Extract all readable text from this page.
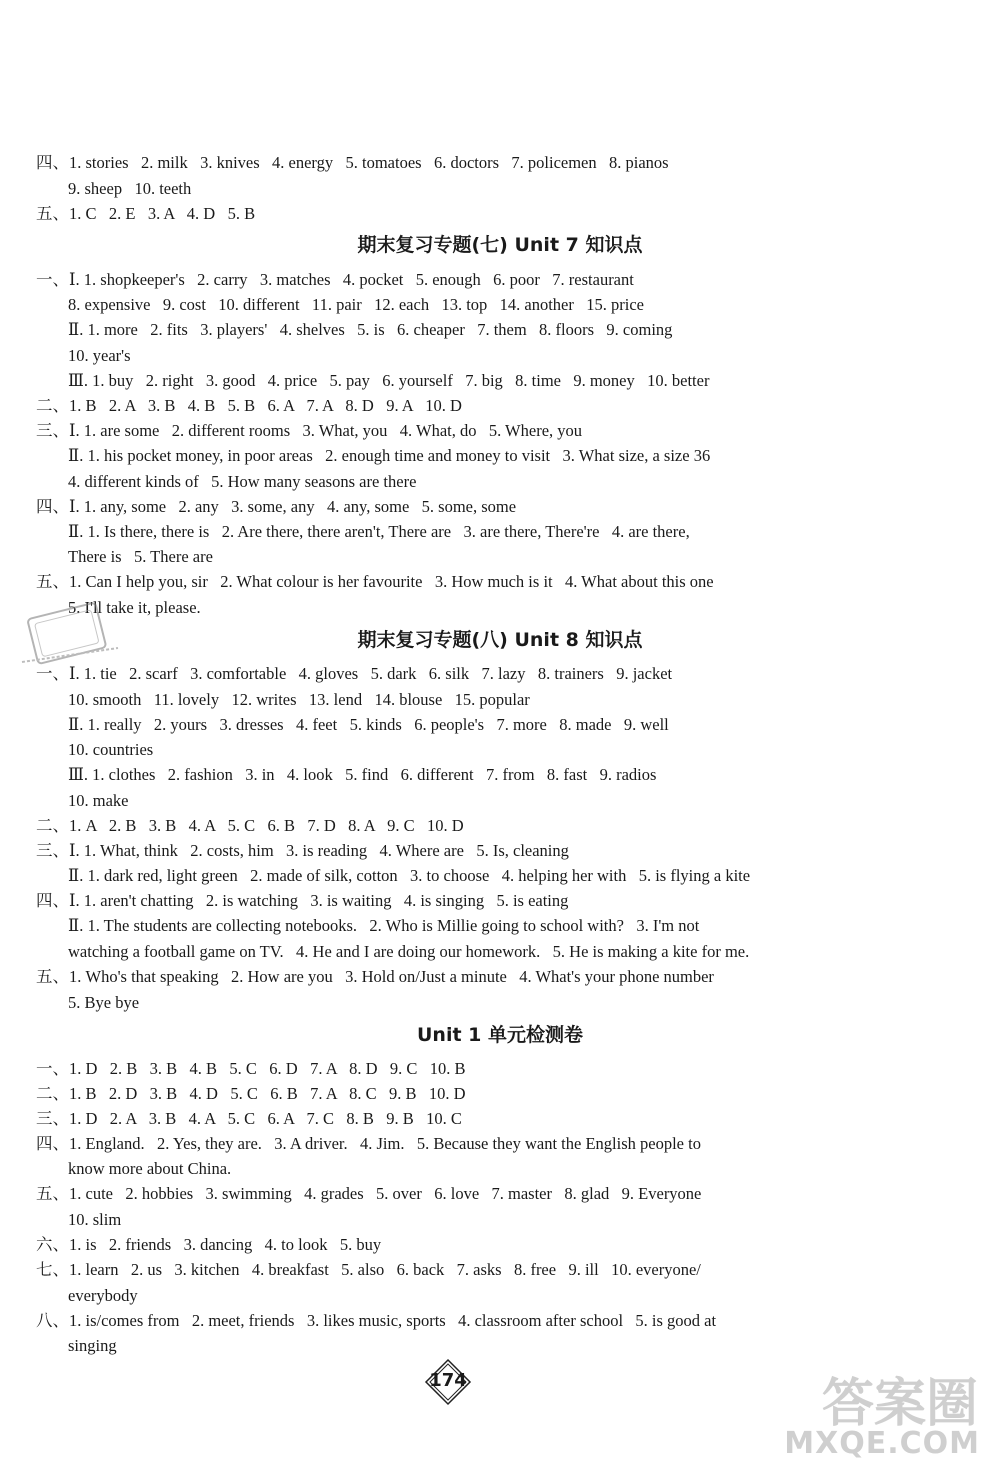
四、1. stories   2. milk   3. knives   4. energy   5. tomatoes   6. doctors   7. policemen   8. pianos
9. sheep   10. teeth
五、1. C   2. E   3. A   4. D   5. B
一、Ⅰ. 1. shopkeeper's   2. carry   3. matches   4. pocket   5. enough   6. poor   7. restaurant
8. expensive   9. cost   10. different   11. pair   12. each   13. top   14. another   15. price
Ⅱ. 1. more   2. fits   3. players'   4. shelves   5. is   6. cheaper   7. them   8. floors   9. coming
10. year's
Ⅲ. 1. buy   2. right   3. good   4. price   5. pay   6. yourself   7. big   8. time   9. money   10. better
二、1. B   2. A   3. B   4. B   5. B   6. A   7. A   8. D   9. A   10. D
三、Ⅰ. 1. are some   2. different rooms   3. What, you   4. What, do   5. Where, you
Ⅱ. 1. his pocket money, in poor areas   2. enough time and money to visit   3. What size, a size 36
4. different kinds of   5. How many seasons are there
四、Ⅰ. 1. any, some   2. any   3. some, any   4. any, some   5. some, some
Ⅱ. 1. Is there, there is   2. Are there, there aren't, There are   3. are there, There're   4. are there,
There is   5. There are
五、1. Can I help you, sir   2. What colour is her favourite   3. How much is it   4. What about this one
5. I'll take it, please.
一、Ⅰ. 1. tie   2. scarf   3. comfortable   4. gloves   5. dark   6. silk   7. lazy   8. trainers   9. jacket
10. smooth   11. lovely   12. writes   13. lend   14. blouse   15. popular
Ⅱ. 1. really   2. yours   3. dresses   4. feet   5. kinds   6. people's   7. more   8. made   9. well
10. countries
Ⅲ. 1. clothes   2. fashion   3. in   4. look   5. find   6. different   7. from   8. fast   9. radios
10. make
二、1. A   2. B   3. B   4. A   5. C   6. B   7. D   8. A   9. C   10. D
三、Ⅰ. 1. What, think   2. costs, him   3. is reading   4. Where are   5. Is, cleaning
Ⅱ. 1. dark red, light green   2. made of silk, cotton   3. to choose   4. helping her with   5. is flying a kite
四、Ⅰ. 1. aren't chatting   2. is watching   3. is waiting   4. is singing   5. is eating
Ⅱ. 1. The students are collecting notebooks.   2. Who is Millie going to school with?   3. I'm not
watching a football game on TV.   4. He and I are doing our homework.   5. He is making a kite for me.
五、1. Who's that speaking   2. How are you   3. Hold on/Just a minute   4. What's your phone number
5. Bye bye
一、1. D   2. B   3. B   4. B   5. C   6. D   7. A   8. D   9. C   10. B
二、1. B   2. D   3. B   4. D   5. C   6. B   7. A   8. C   9. B   10. D
三、1. D   2. A   3. B   4. A   5. C   6. A   7. C   8. B   9. B   10. C
四、1. England.   2. Yes, they are.   3. A driver.   4. Jim.   5. Because they want the English people to
know more about China.
五、1. cute   2. hobbies   3. swimming   4. grades   5. over   6. love   7. master   8. glad   9. Everyone
10. slim
六、1. is   2. friends   3. dancing   4. to look   5. buy
七、1. learn   2. us   3. kitchen   4. breakfast   5. also   6. back   7. asks   8. free   9. ill   10. everyone/
everybody
八、1. is/comes from   2. meet, friends   3. likes music, sports   4. classroom after school   5. is good at
singing
期末复习专题(七) Unit 7 知识点
期末复习专题(八) Unit 8 知识点
Unit 1 单元检测卷
174	答案圈
MXQE.COM
